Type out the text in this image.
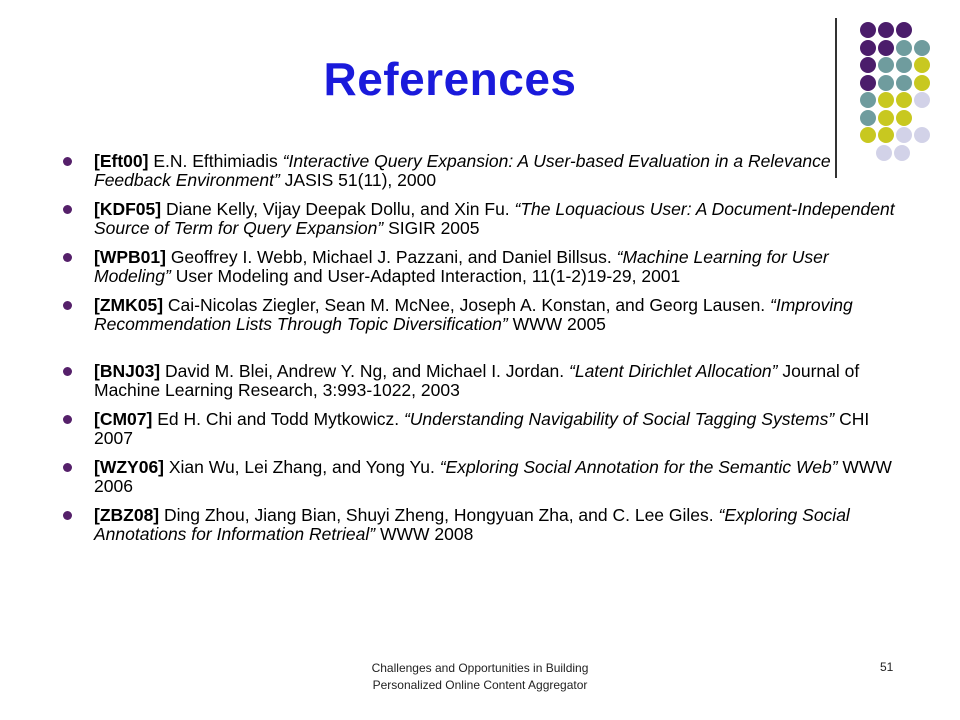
References
[Eft00] E.N. Efthimiadis “Interactive Query Expansion: A User-based Evaluation in a Relevance Feedback Environment” JASIS 51(11), 2000
[KDF05] Diane Kelly, Vijay Deepak Dollu, and Xin Fu. “The Loquacious User: A Document-Independent Source of Term for Query Expansion” SIGIR 2005
[WPB01] Geoffrey I. Webb, Michael J. Pazzani, and Daniel Billsus. “Machine Learning for User Modeling” User Modeling and User-Adapted Interaction, 11(1-2)19-29, 2001
[ZMK05] Cai-Nicolas Ziegler, Sean M. McNee, Joseph A. Konstan, and Georg Lausen. “Improving Recommendation Lists Through Topic Diversification” WWW 2005
[BNJ03] David M. Blei, Andrew Y. Ng, and Michael I. Jordan. “Latent Dirichlet Allocation” Journal of Machine Learning Research, 3:993-1022, 2003
[CM07] Ed H. Chi and Todd Mytkowicz. “Understanding Navigability of Social Tagging Systems” CHI 2007
[WZY06] Xian Wu, Lei Zhang, and Yong Yu. “Exploring Social Annotation for the Semantic Web” WWW 2006
[ZBZ08] Ding Zhou, Jiang Bian, Shuyi Zheng, Hongyuan Zha, and C. Lee Giles. “Exploring Social Annotations for Information Retrieal” WWW 2008
Challenges and Opportunities in Building
Personalized Online Content Aggregator
51
